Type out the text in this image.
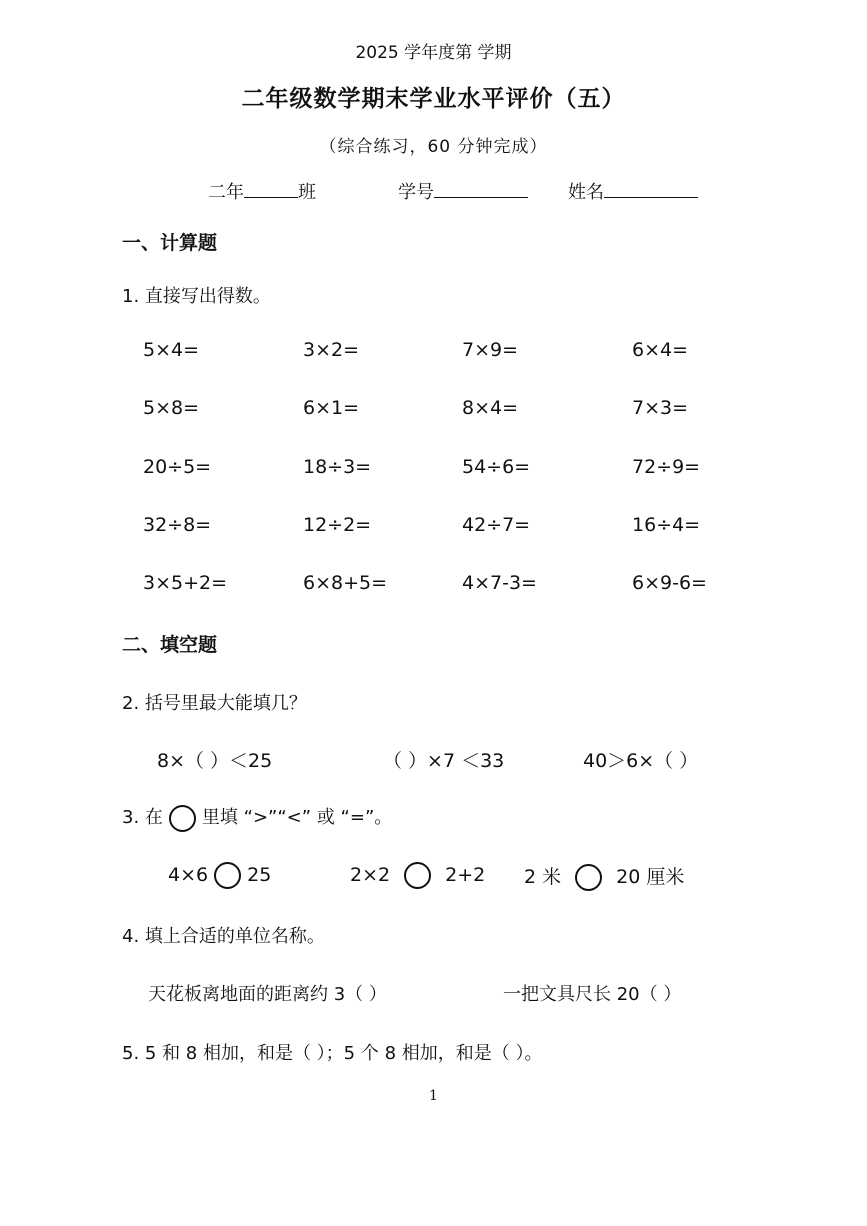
2025 学年度第 学期
二年级数学期末学业水平评价（五）
（综合练习，60 分钟完成）
二年	班	学号	姓名
一、计算题
1. 直接写出得数。
5×4=	3×2=	7×9=	6×4=
5×8=	6×1=	8×4=	7×3=
20÷5=	18÷3=	54÷6=	72÷9=
32÷8=	12÷2=	42÷7=	16÷4=
3×5+2=	6×8+5=	4×7-3=	6×9-6=
二、填空题
2. 括号里最大能填几？
8×（ ）＜25	（ ）×7 ＜33	40＞6×（ ）
3. 在 里填 “>”“<” 或 “=”。
4×6 25	2×2	2+2 2 米	20 厘米
4. 填上合适的单位名称。
天花板离地面的距离约 3（ ）	一把文具尺长 20（ ）
5. 5 和 8 相加，和是（ ）；5 个 8 相加，和是（ ）。
1
